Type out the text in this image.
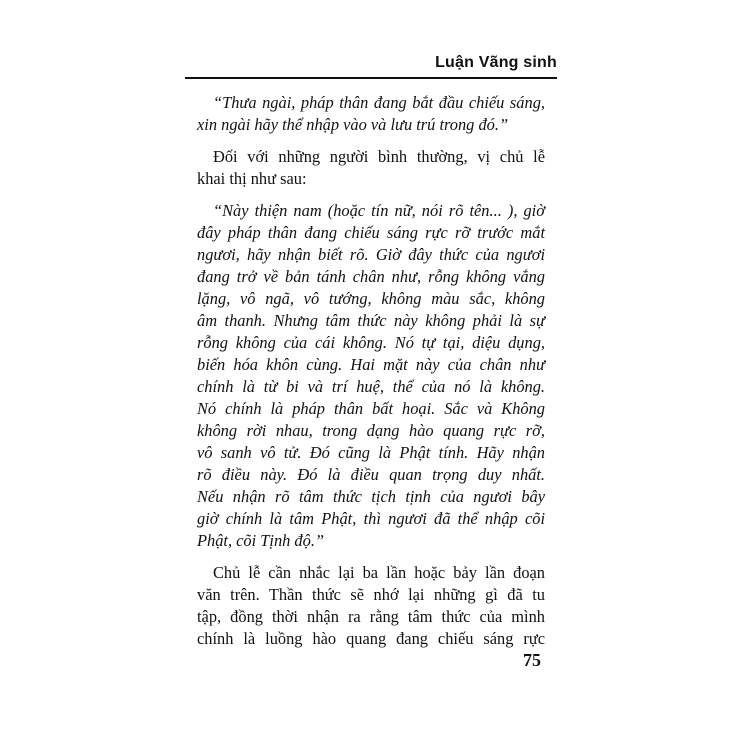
Luận Vãng sinh
“Thưa ngài, pháp thân đang bắt đầu chiếu sáng,
xin ngài hãy thể nhập vào và lưu trú trong đó.”
Đối với những người bình thường, vị chủ lễ
khai thị như sau:
“Này thiện nam (hoặc tín nữ, nói rõ tên... ), giờ
đây pháp thân đang chiếu sáng rực rỡ trước mắt
ngươi, hãy nhận biết rõ. Giờ đây thức của ngươi
đang trở về bản tánh chân như, rỗng không vắng
lặng, vô ngã, vô tướng, không màu sắc, không
âm thanh. Nhưng tâm thức này không phải là sự
rỗng không của cái không. Nó tự tại, diệu dụng,
biến hóa khôn cùng. Hai mặt này của chân như
chính là từ bi và trí huệ, thể của nó là không.
Nó chính là pháp thân bất hoại. Sắc và Không
không rời nhau, trong dạng hào quang rực rỡ,
vô sanh vô tử. Đó cũng là Phật tính. Hãy nhận
rõ điều này. Đó là điều quan trọng duy nhất.
Nếu nhận rõ tâm thức tịch tịnh của ngươi bây
giờ chính là tâm Phật, thì ngươi đã thể nhập cõi
Phật, cõi Tịnh độ.”
Chủ lễ cần nhắc lại ba lần hoặc bảy lần đoạn
văn trên. Thần thức sẽ nhớ lại những gì đã tu
tập, đồng thời nhận ra rằng tâm thức của mình
chính là luồng hào quang đang chiếu sáng rực
75
